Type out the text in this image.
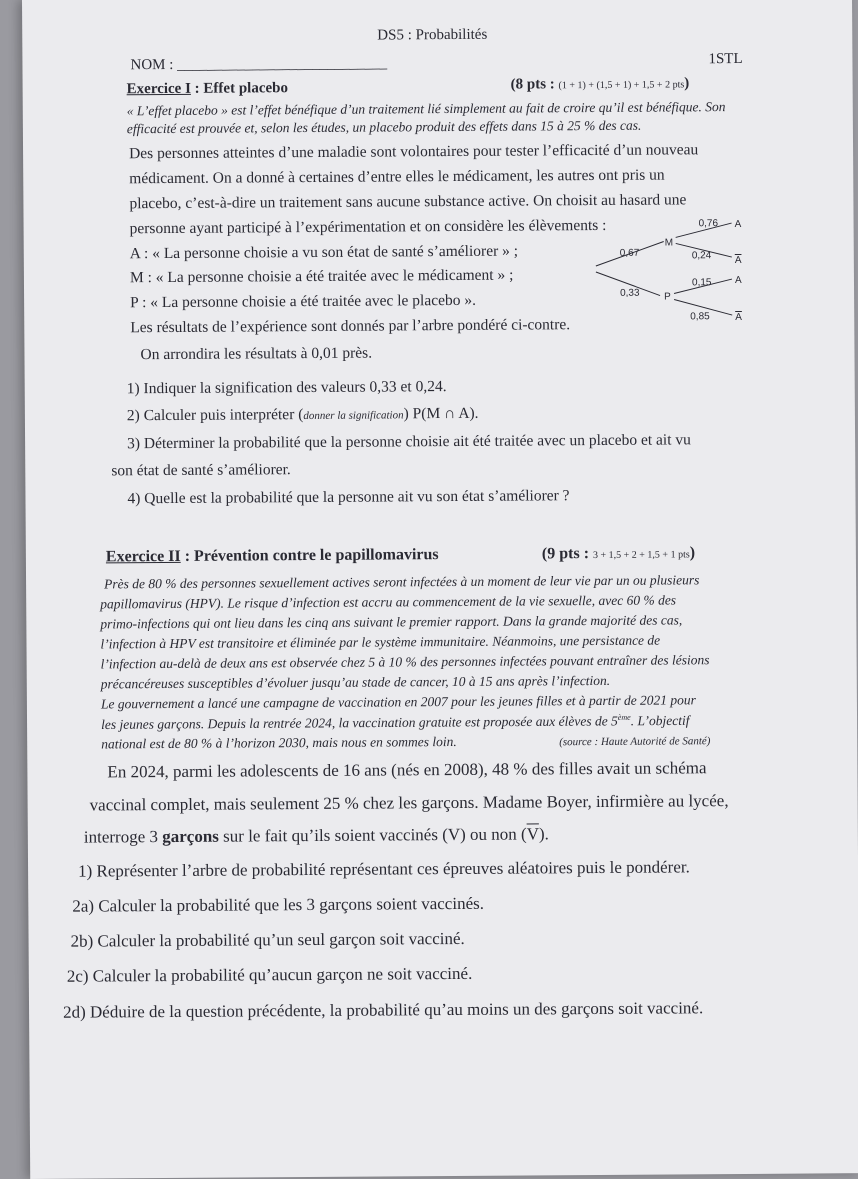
DS5 : Probabilités
NOM : ____________________________	1STL
Exercice I : Effet placebo	(8 pts : (1 + 1) + (1,5 + 1) + 1,5 + 2 pts)
« L’effet placebo » est l’effet bénéfique d’un traitement lié simplement au fait de croire qu’il est bénéfique. Son
efficacité est prouvée et, selon les études, un placebo produit des effets dans 15 à 25 % des cas.
Des personnes atteintes d’une maladie sont volontaires pour tester l’efficacité d’un nouveau
médicament. On a donné à certaines d’entre elles le médicament, les autres ont pris un
placebo, c’est-à-dire un traitement sans aucune substance active. On choisit au hasard une
personne ayant participé à l’expérimentation et on considère les élèvements :
A : « La personne choisie a vu son état de santé s’améliorer » ;
M : « La personne choisie a été traitée avec le médicament » ;
P : « La personne choisie a été traitée avec le placebo ».
Les résultats de l’expérience sont donnés par l’arbre pondéré ci-contre.
On arrondira les résultats à 0,01 près.
0,67
0,33
M
P
0,76
0,24
0,15
0,85
A
A
A
A
1) Indiquer la signification des valeurs 0,33 et 0,24.
2) Calculer puis interpréter (donner la signification) P(M ∩ A).
3) Déterminer la probabilité que la personne choisie ait été traitée avec un placebo et ait vu
son état de santé s’améliorer.
4) Quelle est la probabilité que la personne ait vu son état s’améliorer ?
Exercice II : Prévention contre le papillomavirus	(9 pts : 3 + 1,5 + 2 + 1,5 + 1 pts)
Près de 80 % des personnes sexuellement actives seront infectées à un moment de leur vie par un ou plusieurs
papillomavirus (HPV). Le risque d’infection est accru au commencement de la vie sexuelle, avec 60 % des
primo-infections qui ont lieu dans les cinq ans suivant le premier rapport. Dans la grande majorité des cas,
l’infection à HPV est transitoire et éliminée par le système immunitaire. Néanmoins, une persistance de
l’infection au-delà de deux ans est observée chez 5 à 10 % des personnes infectées pouvant entraîner des lésions
précancéreuses susceptibles d’évoluer jusqu’au stade de cancer, 10 à 15 ans après l’infection.
Le gouvernement a lancé une campagne de vaccination en 2007 pour les jeunes filles et à partir de 2021 pour
les jeunes garçons. Depuis la rentrée 2024, la vaccination gratuite est proposée aux élèves de 5ème. L’objectif
national est de 80 % à l’horizon 2030, mais nous en sommes loin.	(source : Haute Autorité de Santé)
En 2024, parmi les adolescents de 16 ans (nés en 2008), 48 % des filles avait un schéma
vaccinal complet, mais seulement 25 % chez les garçons. Madame Boyer, infirmière au lycée,
interroge 3 garçons sur le fait qu’ils soient vaccinés (V) ou non $(\overline{V})$.
1) Représenter l’arbre de probabilité représentant ces épreuves aléatoires puis le pondérer.
2a) Calculer la probabilité que les 3 garçons soient vaccinés.
2b) Calculer la probabilité qu’un seul garçon soit vacciné.
2c) Calculer la probabilité qu’aucun garçon ne soit vacciné.
2d) Déduire de la question précédente, la probabilité qu’au moins un des garçons soit vacciné.
